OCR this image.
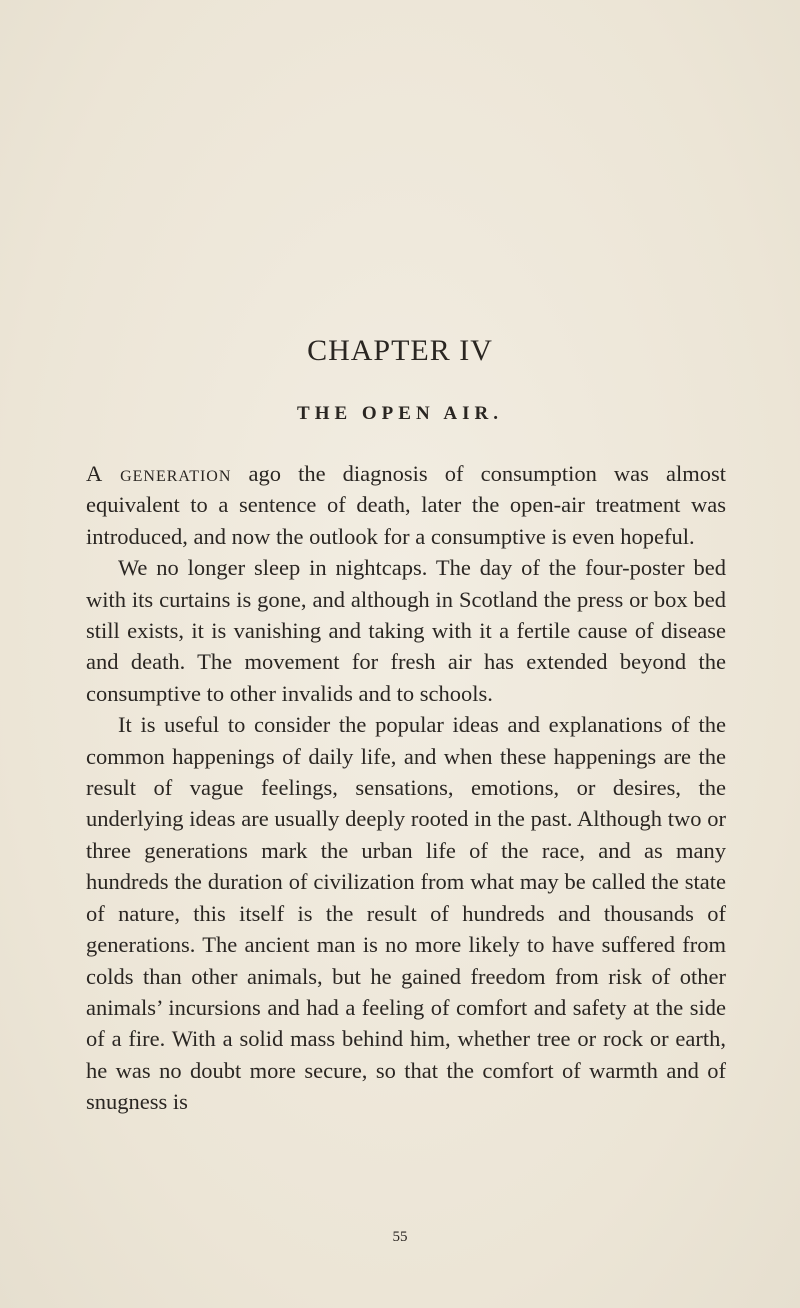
CHAPTER IV
THE OPEN AIR.

A generation ago the diagnosis of consumption was almost equivalent to a sentence of death, later the open-air treatment was introduced, and now the outlook for a consumptive is even hopeful.

We no longer sleep in nightcaps. The day of the four-poster bed with its curtains is gone, and although in Scotland the press or box bed still exists, it is vanishing and taking with it a fertile cause of disease and death. The movement for fresh air has extended beyond the consumptive to other invalids and to schools.

It is useful to consider the popular ideas and explanations of the common happenings of daily life, and when these happenings are the result of vague feelings, sensations, emotions, or desires, the underlying ideas are usually deeply rooted in the past. Although two or three generations mark the urban life of the race, and as many hundreds the duration of civilization from what may be called the state of nature, this itself is the result of hundreds and thousands of generations. The ancient man is no more likely to have suffered from colds than other animals, but he gained freedom from risk of other animals’ incursions and had a feeling of comfort and safety at the side of a fire. With a solid mass behind him, whether tree or rock or earth, he was no doubt more secure, so that the comfort of warmth and of snugness is

55
